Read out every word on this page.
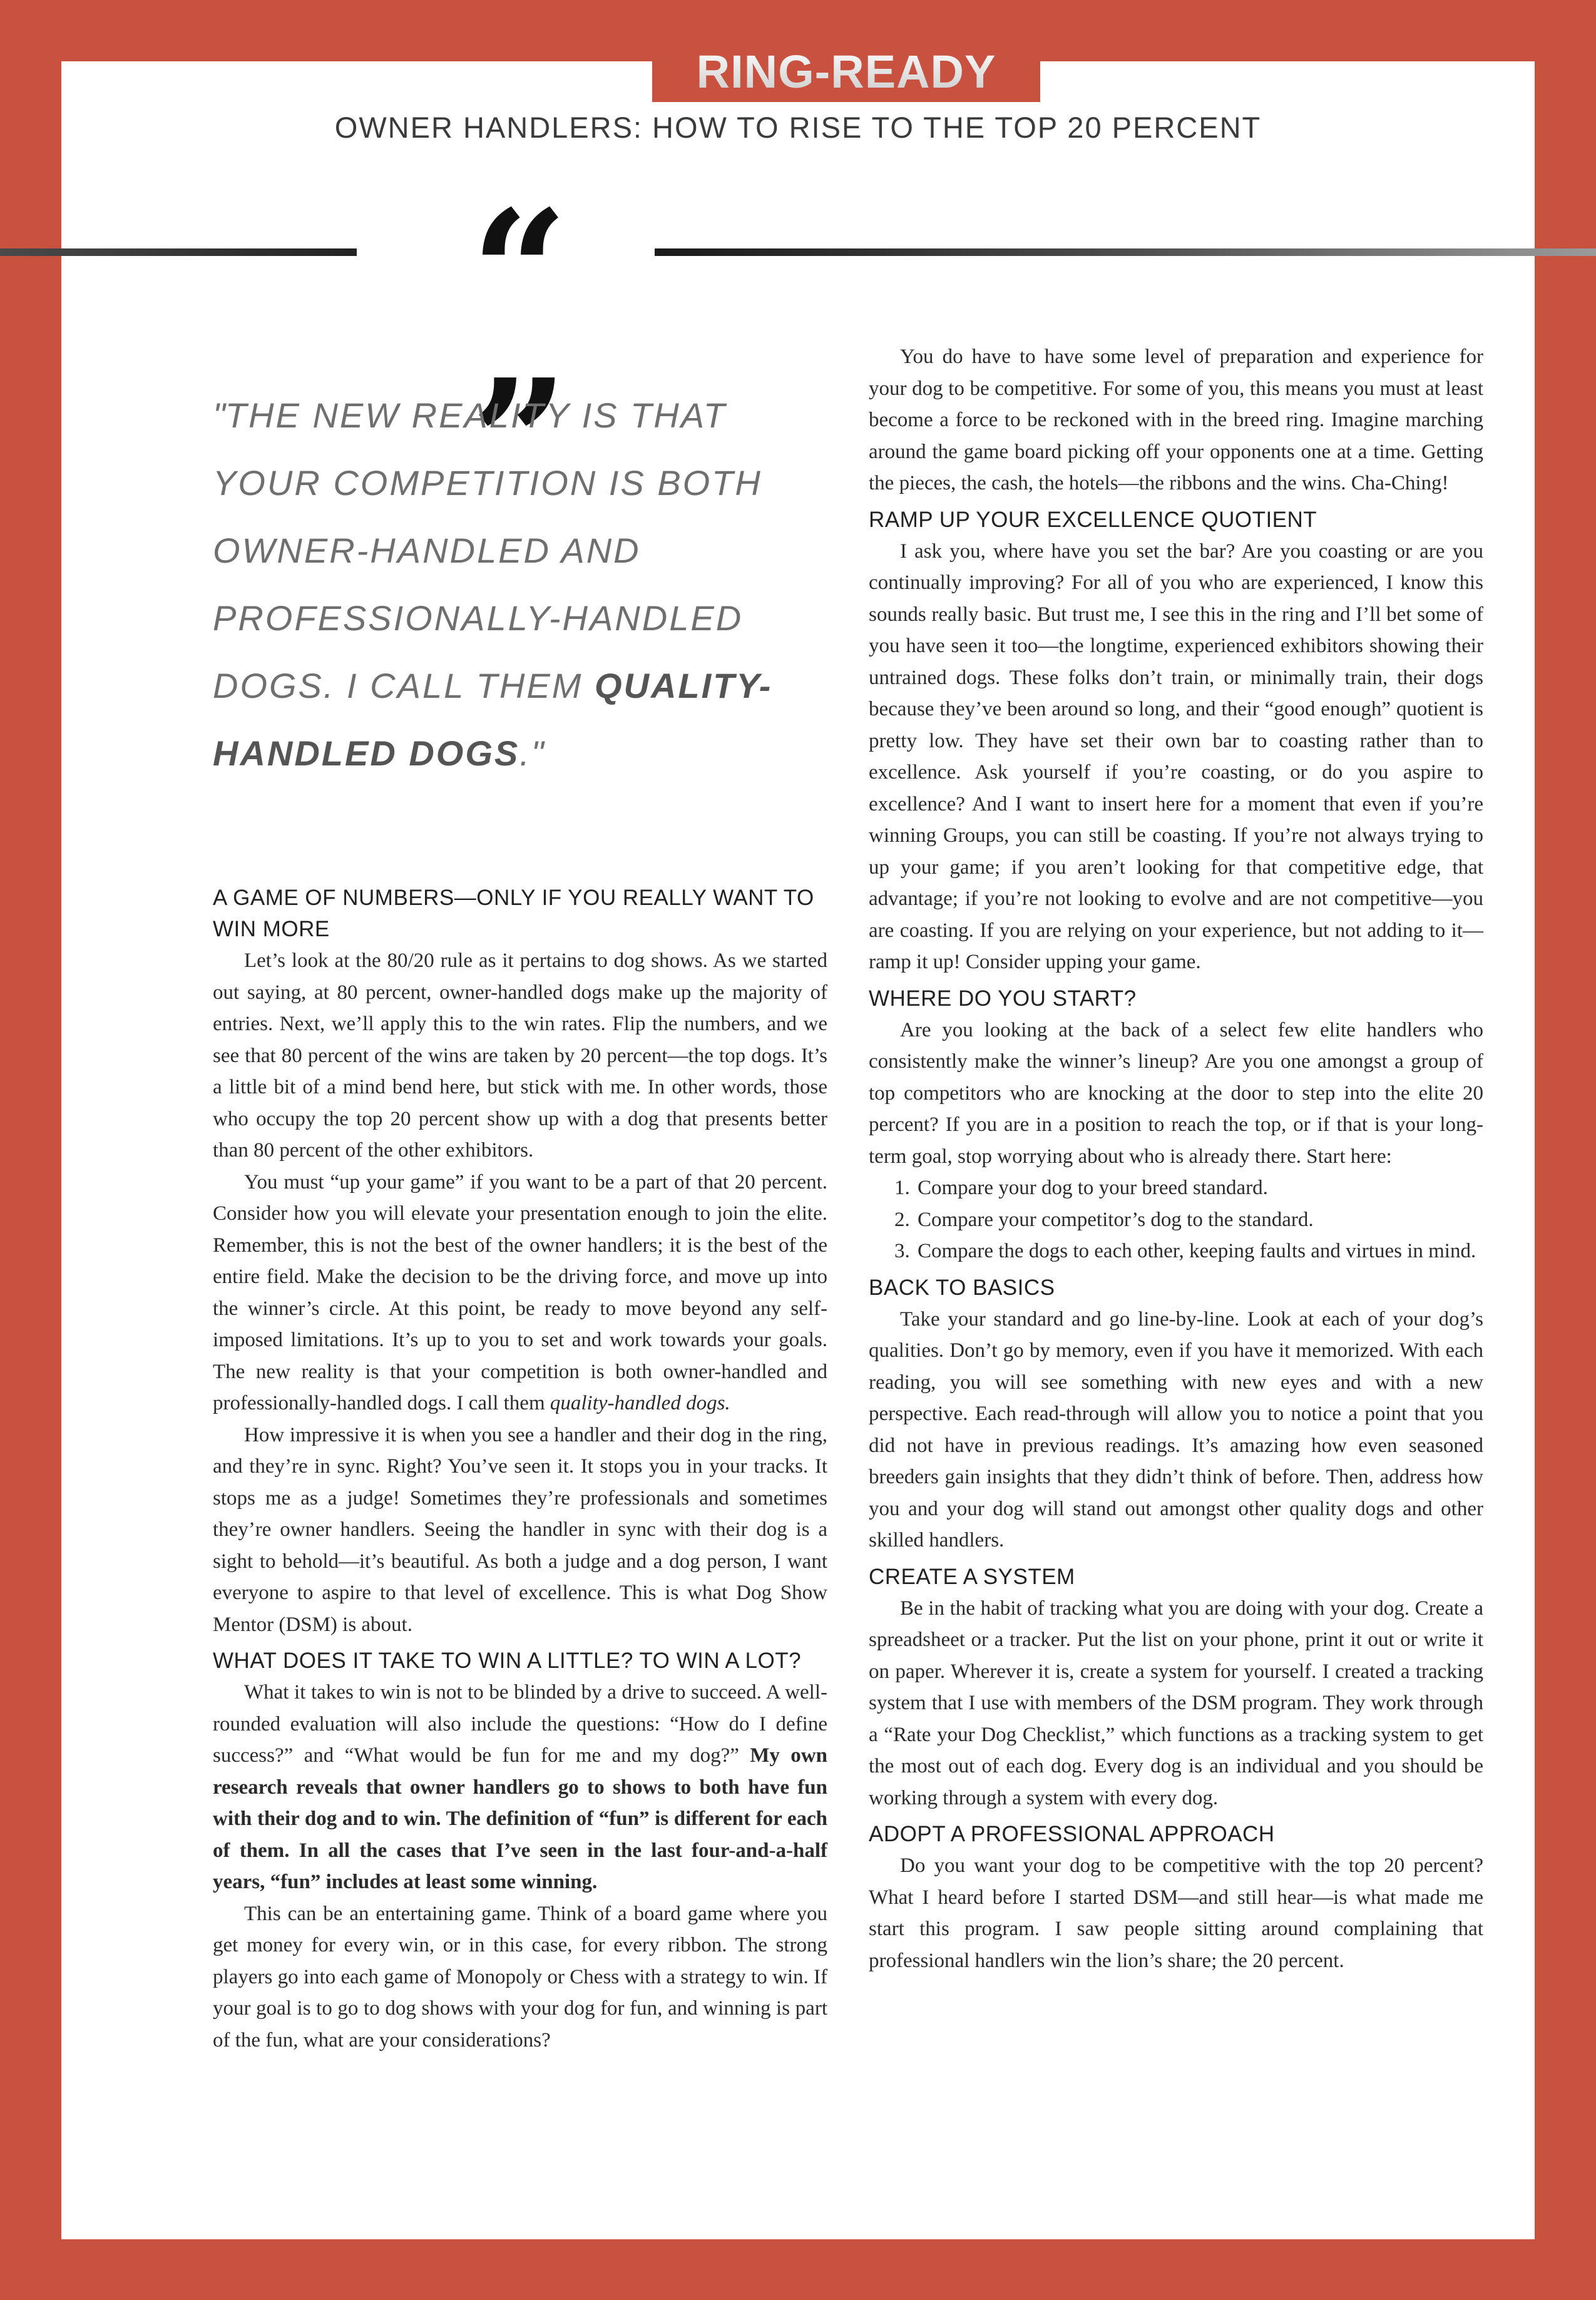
RING-READY
OWNER HANDLERS: HOW TO RISE TO THE TOP 20 PERCENT
“ ”
"THE NEW REALITY IS THAT YOUR COMPETITION IS BOTH OWNER-HANDLED AND PROFESSIONALLY-HANDLED DOGS. I CALL THEM QUALITY-HANDLED DOGS."
A GAME OF NUMBERS—ONLY IF YOU REALLY WANT TO WIN MORE

Let’s look at the 80/20 rule as it pertains to dog shows. As we started out saying, at 80 percent, owner-handled dogs make up the majority of entries. Next, we’ll apply this to the win rates. Flip the numbers, and we see that 80 percent of the wins are taken by 20 percent—the top dogs. It’s a little bit of a mind bend here, but stick with me. In other words, those who occupy the top 20 percent show up with a dog that presents better than 80 percent of the other exhibitors.

You must “up your game” if you want to be a part of that 20 percent. Consider how you will elevate your presentation enough to join the elite. Remember, this is not the best of the owner handlers; it is the best of the entire field. Make the decision to be the driving force, and move up into the winner’s circle. At this point, be ready to move beyond any self-imposed limitations. It’s up to you to set and work towards your goals. The new reality is that your competition is both owner-handled and professionally-handled dogs. I call them quality-handled dogs.

How impressive it is when you see a handler and their dog in the ring, and they’re in sync. Right? You’ve seen it. It stops you in your tracks. It stops me as a judge! Sometimes they’re professionals and sometimes they’re owner handlers. Seeing the handler in sync with their dog is a sight to behold—it’s beautiful. As both a judge and a dog person, I want everyone to aspire to that level of excellence. This is what Dog Show Mentor (DSM) is about.

WHAT DOES IT TAKE TO WIN A LITTLE? TO WIN A LOT?

What it takes to win is not to be blinded by a drive to succeed. A well-rounded evaluation will also include the questions: “How do I define success?” and “What would be fun for me and my dog?” My own research reveals that owner handlers go to shows to both have fun with their dog and to win. The definition of “fun” is different for each of them. In all the cases that I’ve seen in the last four-and-a-half years, “fun” includes at least some winning.

This can be an entertaining game. Think of a board game where you get money for every win, or in this case, for every ribbon. The strong players go into each game of Monopoly or Chess with a strategy to win. If your goal is to go to dog shows with your dog for fun, and winning is part of the fun, what are your considerations?

You do have to have some level of preparation and experience for your dog to be competitive. For some of you, this means you must at least become a force to be reckoned with in the breed ring. Imagine marching around the game board picking off your opponents one at a time. Getting the pieces, the cash, the hotels—the ribbons and the wins. Cha-Ching!

RAMP UP YOUR EXCELLENCE QUOTIENT

I ask you, where have you set the bar? Are you coasting or are you continually improving? For all of you who are experienced, I know this sounds really basic. But trust me, I see this in the ring and I’ll bet some of you have seen it too—the longtime, experienced exhibitors showing their untrained dogs. These folks don’t train, or minimally train, their dogs because they’ve been around so long, and their “good enough” quotient is pretty low. They have set their own bar to coasting rather than to excellence. Ask yourself if you’re coasting, or do you aspire to excellence? And I want to insert here for a moment that even if you’re winning Groups, you can still be coasting. If you’re not always trying to up your game; if you aren’t looking for that competitive edge, that advantage; if you’re not looking to evolve and are not competitive—you are coasting. If you are relying on your experience, but not adding to it—ramp it up! Consider upping your game.

WHERE DO YOU START?

Are you looking at the back of a select few elite handlers who consistently make the winner’s lineup? Are you one amongst a group of top competitors who are knocking at the door to step into the elite 20 percent? If you are in a position to reach the top, or if that is your long-term goal, stop worrying about who is already there. Start here:

1. Compare your dog to your breed standard.
2. Compare your competitor’s dog to the standard.
3. Compare the dogs to each other, keeping faults and virtues in mind.
BACK TO BASICS

Take your standard and go line-by-line. Look at each of your dog’s qualities. Don’t go by memory, even if you have it memorized. With each reading, you will see something with new eyes and with a new perspective. Each read-through will allow you to notice a point that you did not have in previous readings. It’s amazing how even seasoned breeders gain insights that they didn’t think of before. Then, address how you and your dog will stand out amongst other quality dogs and other skilled handlers.

CREATE A SYSTEM

Be in the habit of tracking what you are doing with your dog. Create a spreadsheet or a tracker. Put the list on your phone, print it out or write it on paper. Wherever it is, create a system for yourself. I created a tracking system that I use with members of the DSM program. They work through a “Rate your Dog Checklist,” which functions as a tracking system to get the most out of each dog. Every dog is an individual and you should be working through a system with every dog.

ADOPT A PROFESSIONAL APPROACH

Do you want your dog to be competitive with the top 20 percent? What I heard before I started DSM—and still hear—is what made me start this program. I saw people sitting around complaining that professional handlers win the lion’s share; the 20 percent.
